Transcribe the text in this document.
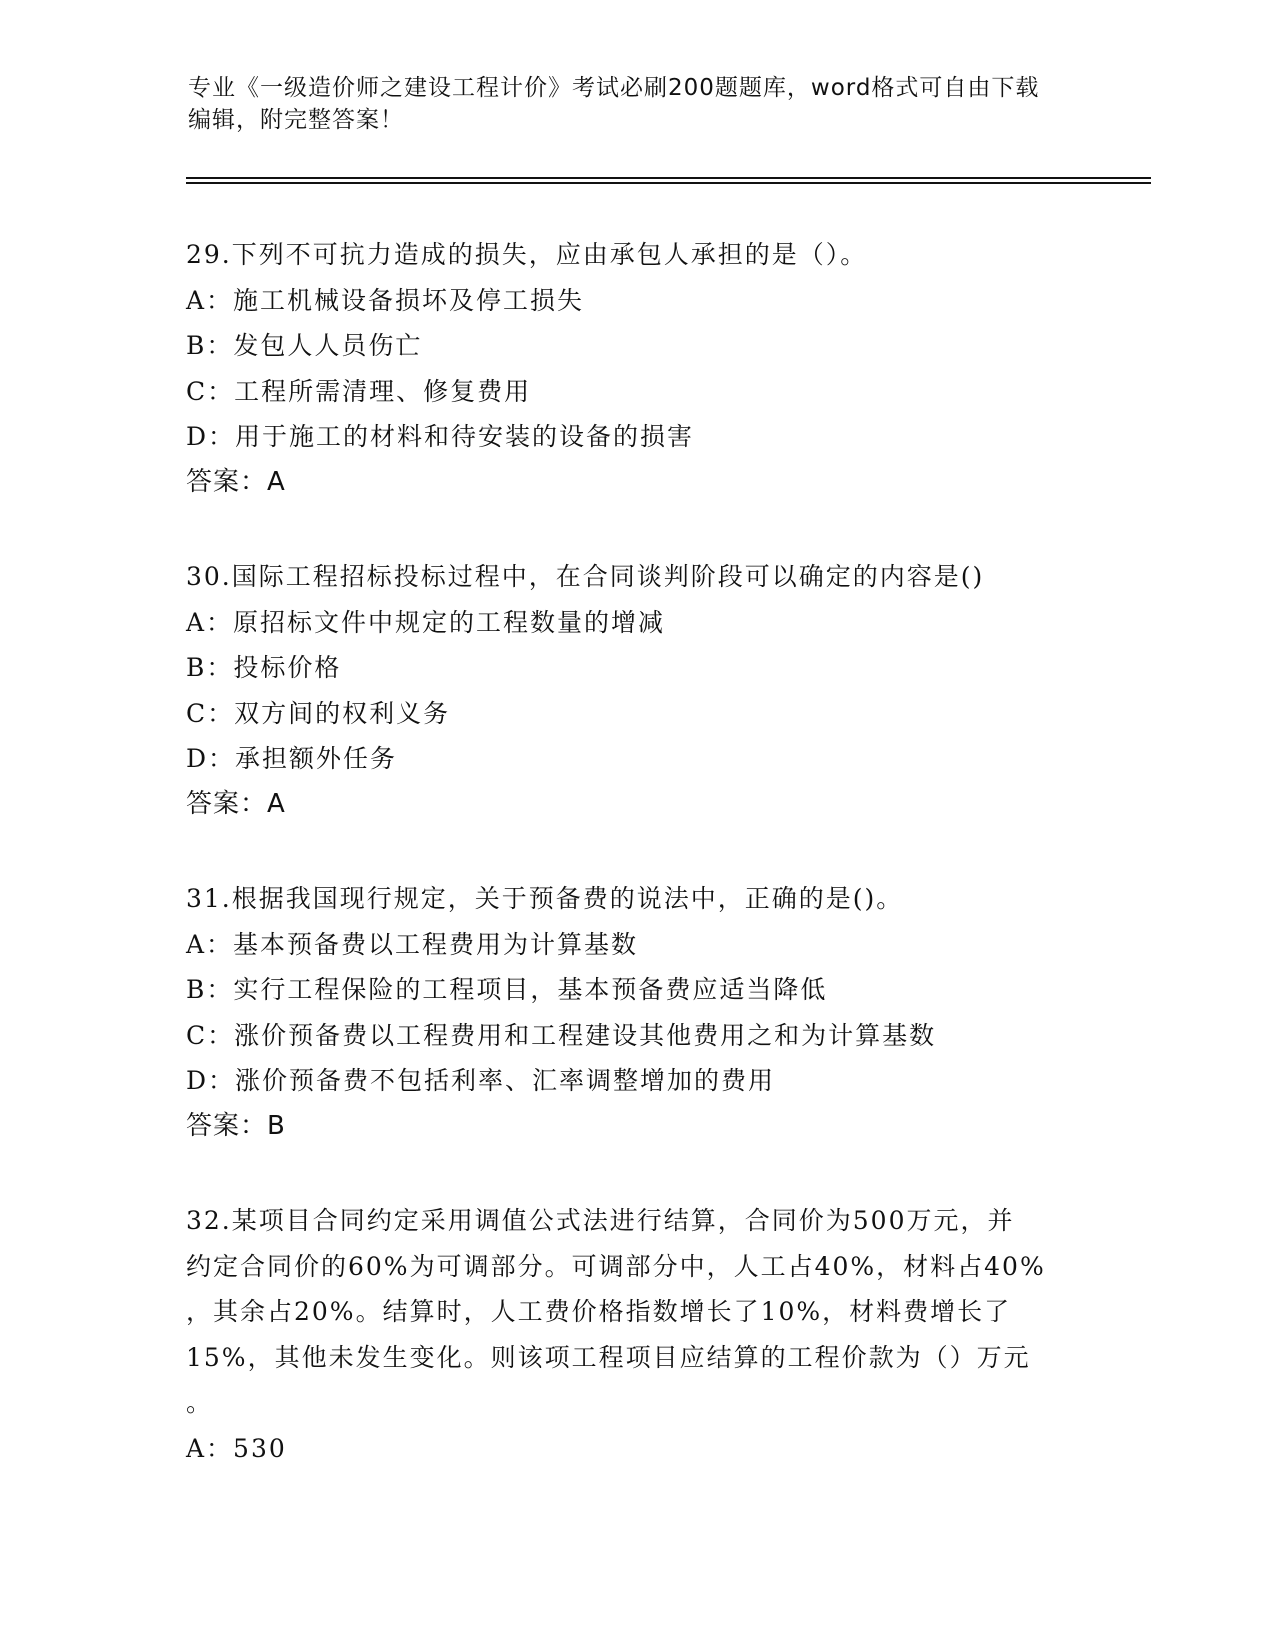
专业《一级造价师之建设工程计价》考试必刷200题题库，word格式可自由下载
编辑，附完整答案！
29.下列不可抗力造成的损失，应由承包人承担的是（）。
A：施工机械设备损坏及停工损失
B：发包人人员伤亡
C：工程所需清理、修复费用
D：用于施工的材料和待安装的设备的损害
答案：A
30.国际工程招标投标过程中，在合同谈判阶段可以确定的内容是()
A：原招标文件中规定的工程数量的增减
B：投标价格
C：双方间的权利义务
D：承担额外任务
答案：A
31.根据我国现行规定，关于预备费的说法中，正确的是()。
A：基本预备费以工程费用为计算基数
B：实行工程保险的工程项目，基本预备费应适当降低
C：涨价预备费以工程费用和工程建设其他费用之和为计算基数
D：涨价预备费不包括利率、汇率调整增加的费用
答案：B
32.某项目合同约定采用调值公式法进行结算，合同价为500万元，并
约定合同价的60%为可调部分。可调部分中，人工占40%，材料占40%
，其余占20%。结算时，人工费价格指数增长了10%，材料费增长了
15%，其他未发生变化。则该项工程项目应结算的工程价款为（）万元
。
A：530
